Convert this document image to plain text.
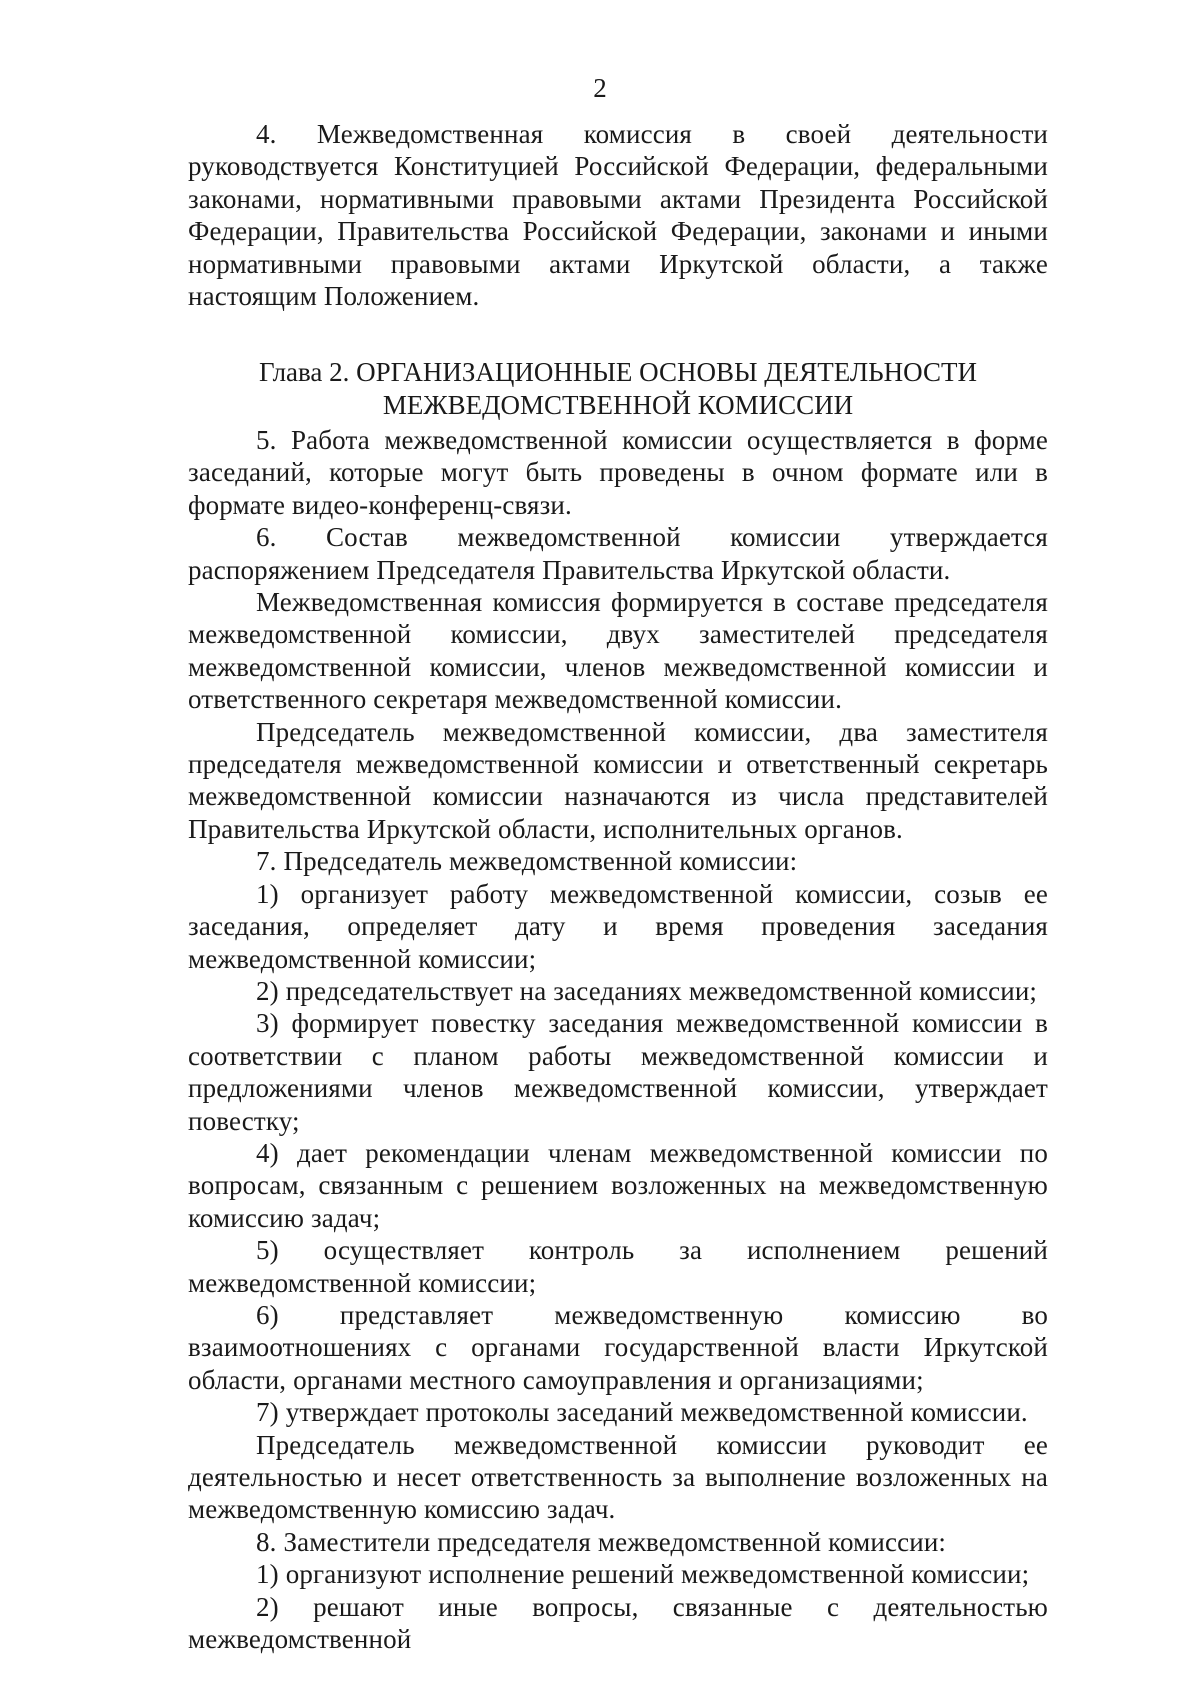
2

4. Межведомственная комиссия в своей деятельности руководствуется Конституцией Российской Федерации, федеральными законами, нормативными правовыми актами Президента Российской Федерации, Правительства Российской Федерации, законами и иными нормативными правовыми актами Иркутской области, а также настоящим Положением.

Глава 2. ОРГАНИЗАЦИОННЫЕ ОСНОВЫ ДЕЯТЕЛЬНОСТИ
МЕЖВЕДОМСТВЕННОЙ КОМИССИИ

5. Работа межведомственной комиссии осуществляется в форме заседаний, которые могут быть проведены в очном формате или в формате видео-конференц-связи.

6. Состав межведомственной комиссии утверждается распоряжением Председателя Правительства Иркутской области.

Межведомственная комиссия формируется в составе председателя межведомственной комиссии, двух заместителей председателя межведомственной комиссии, членов межведомственной комиссии и ответственного секретаря межведомственной комиссии.

Председатель межведомственной комиссии, два заместителя председателя межведомственной комиссии и ответственный секретарь межведомственной комиссии назначаются из числа представителей Правительства Иркутской области, исполнительных органов.

7. Председатель межведомственной комиссии:

1) организует работу межведомственной комиссии, созыв ее заседания, определяет дату и время проведения заседания межведомственной комиссии;

2) председательствует на заседаниях межведомственной комиссии;

3) формирует повестку заседания межведомственной комиссии в соответствии с планом работы межведомственной комиссии и предложениями членов межведомственной комиссии, утверждает повестку;

4) дает рекомендации членам межведомственной комиссии по вопросам, связанным с решением возложенных на межведомственную комиссию задач;

5) осуществляет контроль за исполнением решений межведомственной комиссии;

6) представляет межведомственную комиссию во взаимоотношениях с органами государственной власти Иркутской области, органами местного самоуправления и организациями;

7) утверждает протоколы заседаний межведомственной комиссии.

Председатель межведомственной комиссии руководит ее деятельностью и несет ответственность за выполнение возложенных на межведомственную комиссию задач.

8. Заместители председателя межведомственной комиссии:

1) организуют исполнение решений межведомственной комиссии;

2) решают иные вопросы, связанные с деятельностью межведомственной
